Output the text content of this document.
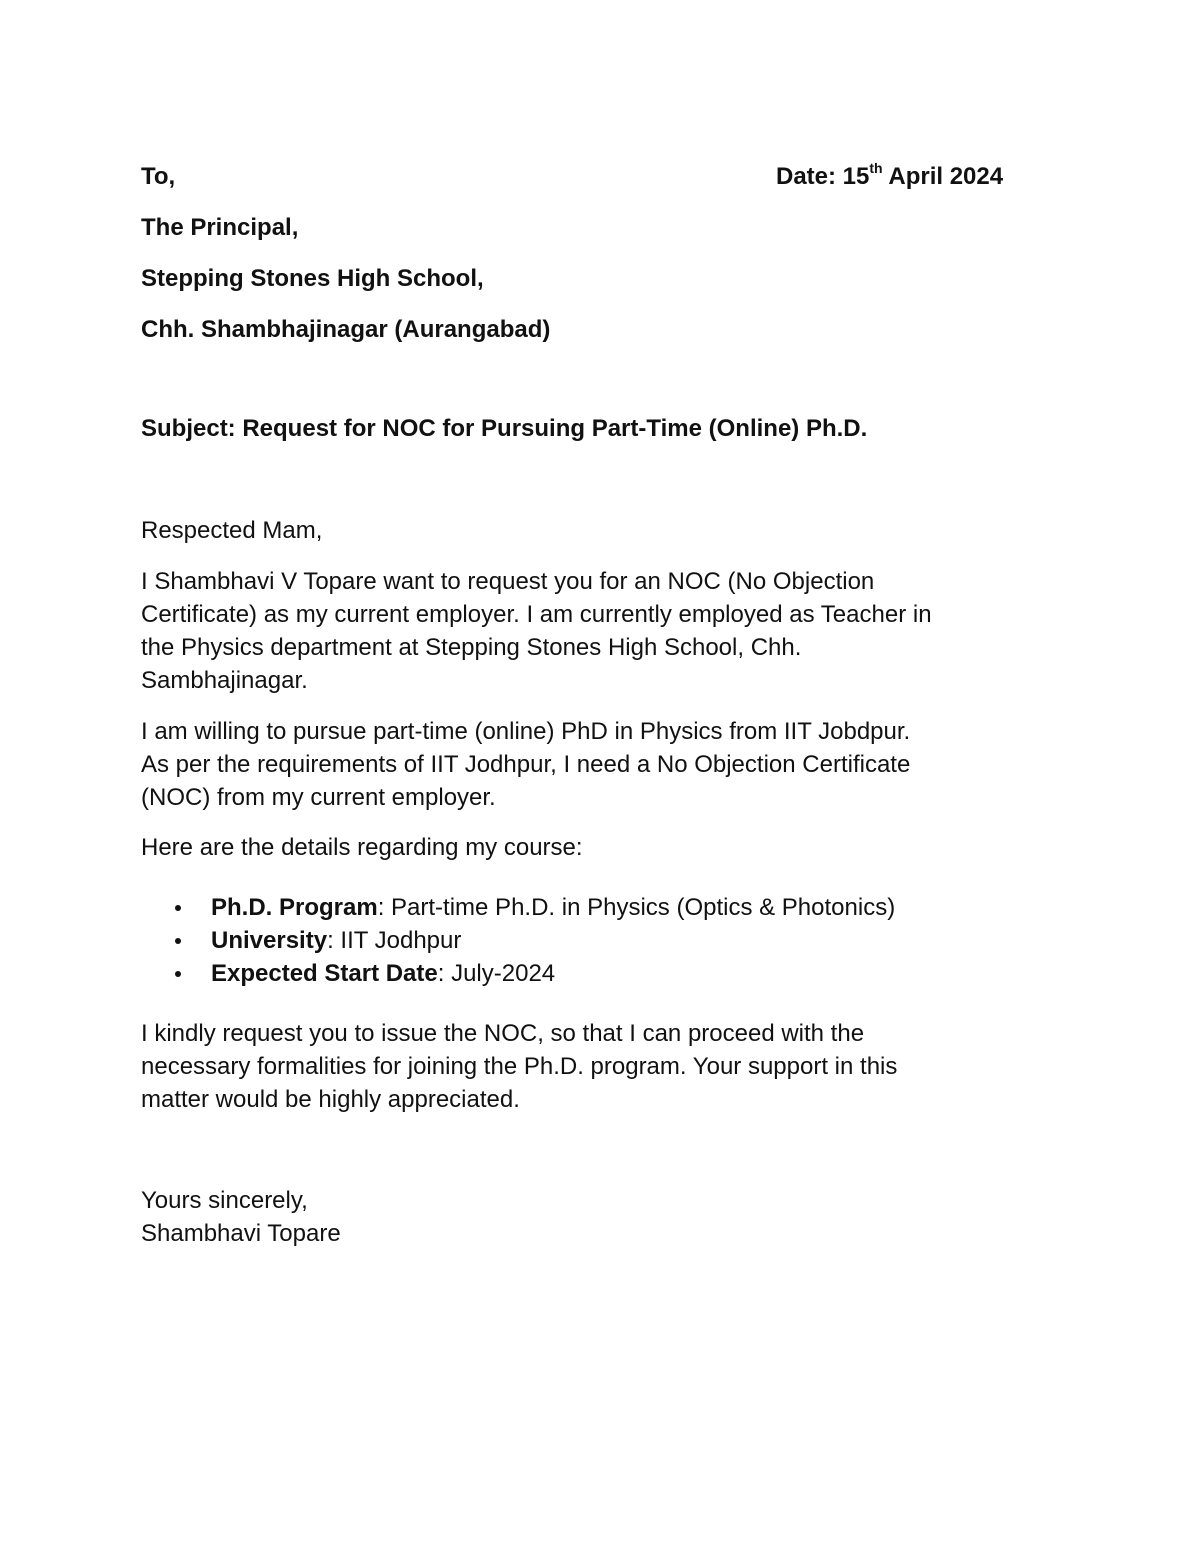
To,	Date: 15th April 2024
The Principal,
Stepping Stones High School,
Chh. Shambhajinagar (Aurangabad)
Subject: Request for NOC for Pursuing Part-Time (Online) Ph.D.
Respected Mam,
I Shambhavi V Topare want to request you for an NOC (No Objection
Certificate) as my current employer. I am currently employed as Teacher in
the Physics department at Stepping Stones High School, Chh.
Sambhajinagar.
I am willing to pursue part-time (online) PhD in Physics from IIT Jobdpur.
As per the requirements of IIT Jodhpur, I need a No Objection Certificate
(NOC) from my current employer.
Here are the details regarding my course:
Ph.D. Program: Part-time Ph.D. in Physics (Optics & Photonics)
University: IIT Jodhpur
Expected Start Date: July-2024
I kindly request you to issue the NOC, so that I can proceed with the
necessary formalities for joining the Ph.D. program. Your support in this
matter would be highly appreciated.
Yours sincerely,
Shambhavi Topare
